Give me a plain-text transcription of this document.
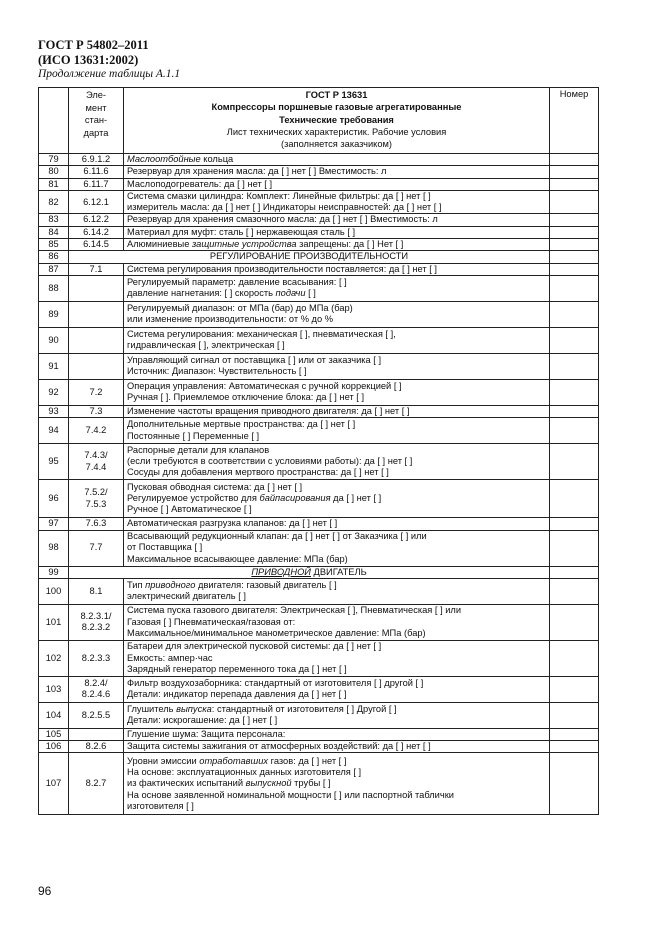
ГОСТ Р 54802–2011
(ИСО 13631:2002)
Продолжение таблицы А.1.1

	Эле-
мент
стан-
дарта	ГОСТ Р 13631
Компрессоры поршневые газовые агрегатированные
Технические требования
Лист технических характеристик. Рабочие условия
(заполняется заказчиком)	Номер
79	6.9.1.2	Маслоотбойные кольца	

80	6.11.6	Резервуар для хранения масла: да [ ] нет [ ] Вместимость: л	

81	6.11.7	Маслоподогреватель: да [ ] нет [ ]	

82	6.12.1	Система смазки цилиндра: Комплект: Линейные фильтры: да [ ] нет [ ]
измеритель масла: да [ ] нет [ ] Индикаторы неисправностей: да [ ] нет [ ]	

83	6.12.2	Резервуар для хранения смазочного масла: да [ ] нет [ ] Вместимость: л	

84	6.14.2	Материал для муфт: сталь [ ] нержавеющая сталь [ ]	

85	6.14.5	Алюминиевые защитные устройства запрещены: да [ ] Нет [ ]	

86	РЕГУЛИРОВАНИЕ ПРОИЗВОДИТЕЛЬНОСТИ		
87	7.1	Система регулирования производительности поставляется: да [ ] нет [ ]	

88		Регулируемый параметр: давление всасывания: [ ]
давление нагнетания: [ ] скорость подачи [ ]	

89		Регулируемый диапазон: от МПа (бар) до МПа (бар)
или изменение производительности: от % до %	

90		Система регулирования: механическая [ ], пневматическая [ ],
гидравлическая [ ], электрическая [ ]	

91		Управляющий сигнал от поставщика [ ] или от заказчика [ ]
Источник: Диапазон: Чувствительность [ ]	

92	7.2	Операция управления: Автоматическая с ручной коррекцией [ ]
Ручная [ ]. Приемлемое отключение блока: да [ ] нет [ ]	

93	7.3	Изменение частоты вращения приводного двигателя: да [ ] нет [ ]	

94	7.4.2	Дополнительные мертвые пространства: да [ ] нет [ ]
Постоянные [ ] Переменные [ ]	

95	7.4.3/
7.4.4	Распорные детали для клапанов
(если требуются в соответствии с условиями работы): да [ ] нет [ ]
Сосуды для добавления мертвого пространства: да [ ] нет [ ]	

96	7.5.2/
7.5.3	Пусковая обводная система: да [ ] нет [ ]
Регулируемое устройство для байпасирования да [ ] нет [ ]
Ручное [ ] Автоматическое [ ]	

97	7.6.3	Автоматическая разгрузка клапанов: да [ ] нет [ ]	

98	7.7	Всасывающий редукционный клапан: да [ ] нет [ ] от Заказчика [ ] или
от Поставщика [ ]
Максимальное всасывающее давление: МПа (бар)	

99	ПРИВОДНОЙ ДВИГАТЕЛЬ		
100	8.1	Тип приводного двигателя: газовый двигатель [ ]
электрический двигатель [ ]	

101	8.2.3.1/
8.2.3.2	Система пуска газового двигателя: Электрическая [ ], Пневматическая [ ] или
Газовая [ ] Пневматическая/газовая от:
Максимальное/минимальное манометрическое давление: МПа (бар)	

102	8.2.3.3	Батареи для электрической пусковой системы: да [ ] нет [ ]
Емкость: ампер·час
Зарядный генератор переменного тока да [ ] нет [ ]	

103	8.2.4/
8.2.4.6	Фильтр воздухозаборника: стандартный от изготовителя [ ] другой [ ]
Детали: индикатор перепада давления да [ ] нет [ ]	

104	8.2.5.5	Глушитель выпуска: стандартный от изготовителя [ ] Другой [ ]
Детали: искрогашение: да [ ] нет [ ]	

105		Глушение шума: Защита персонала:	

106	8.2.6	Защита системы зажигания от атмосферных воздействий: да [ ] нет [ ]	

107	8.2.7	Уровни эмиссии отработавших газов: да [ ] нет [ ]
На основе: эксплуатационных данных изготовителя [ ]
из фактических испытаний выпускной трубы [ ]
На основе заявленной номинальной мощности [ ] или паспортной таблички
изготовителя [ ]	

96
